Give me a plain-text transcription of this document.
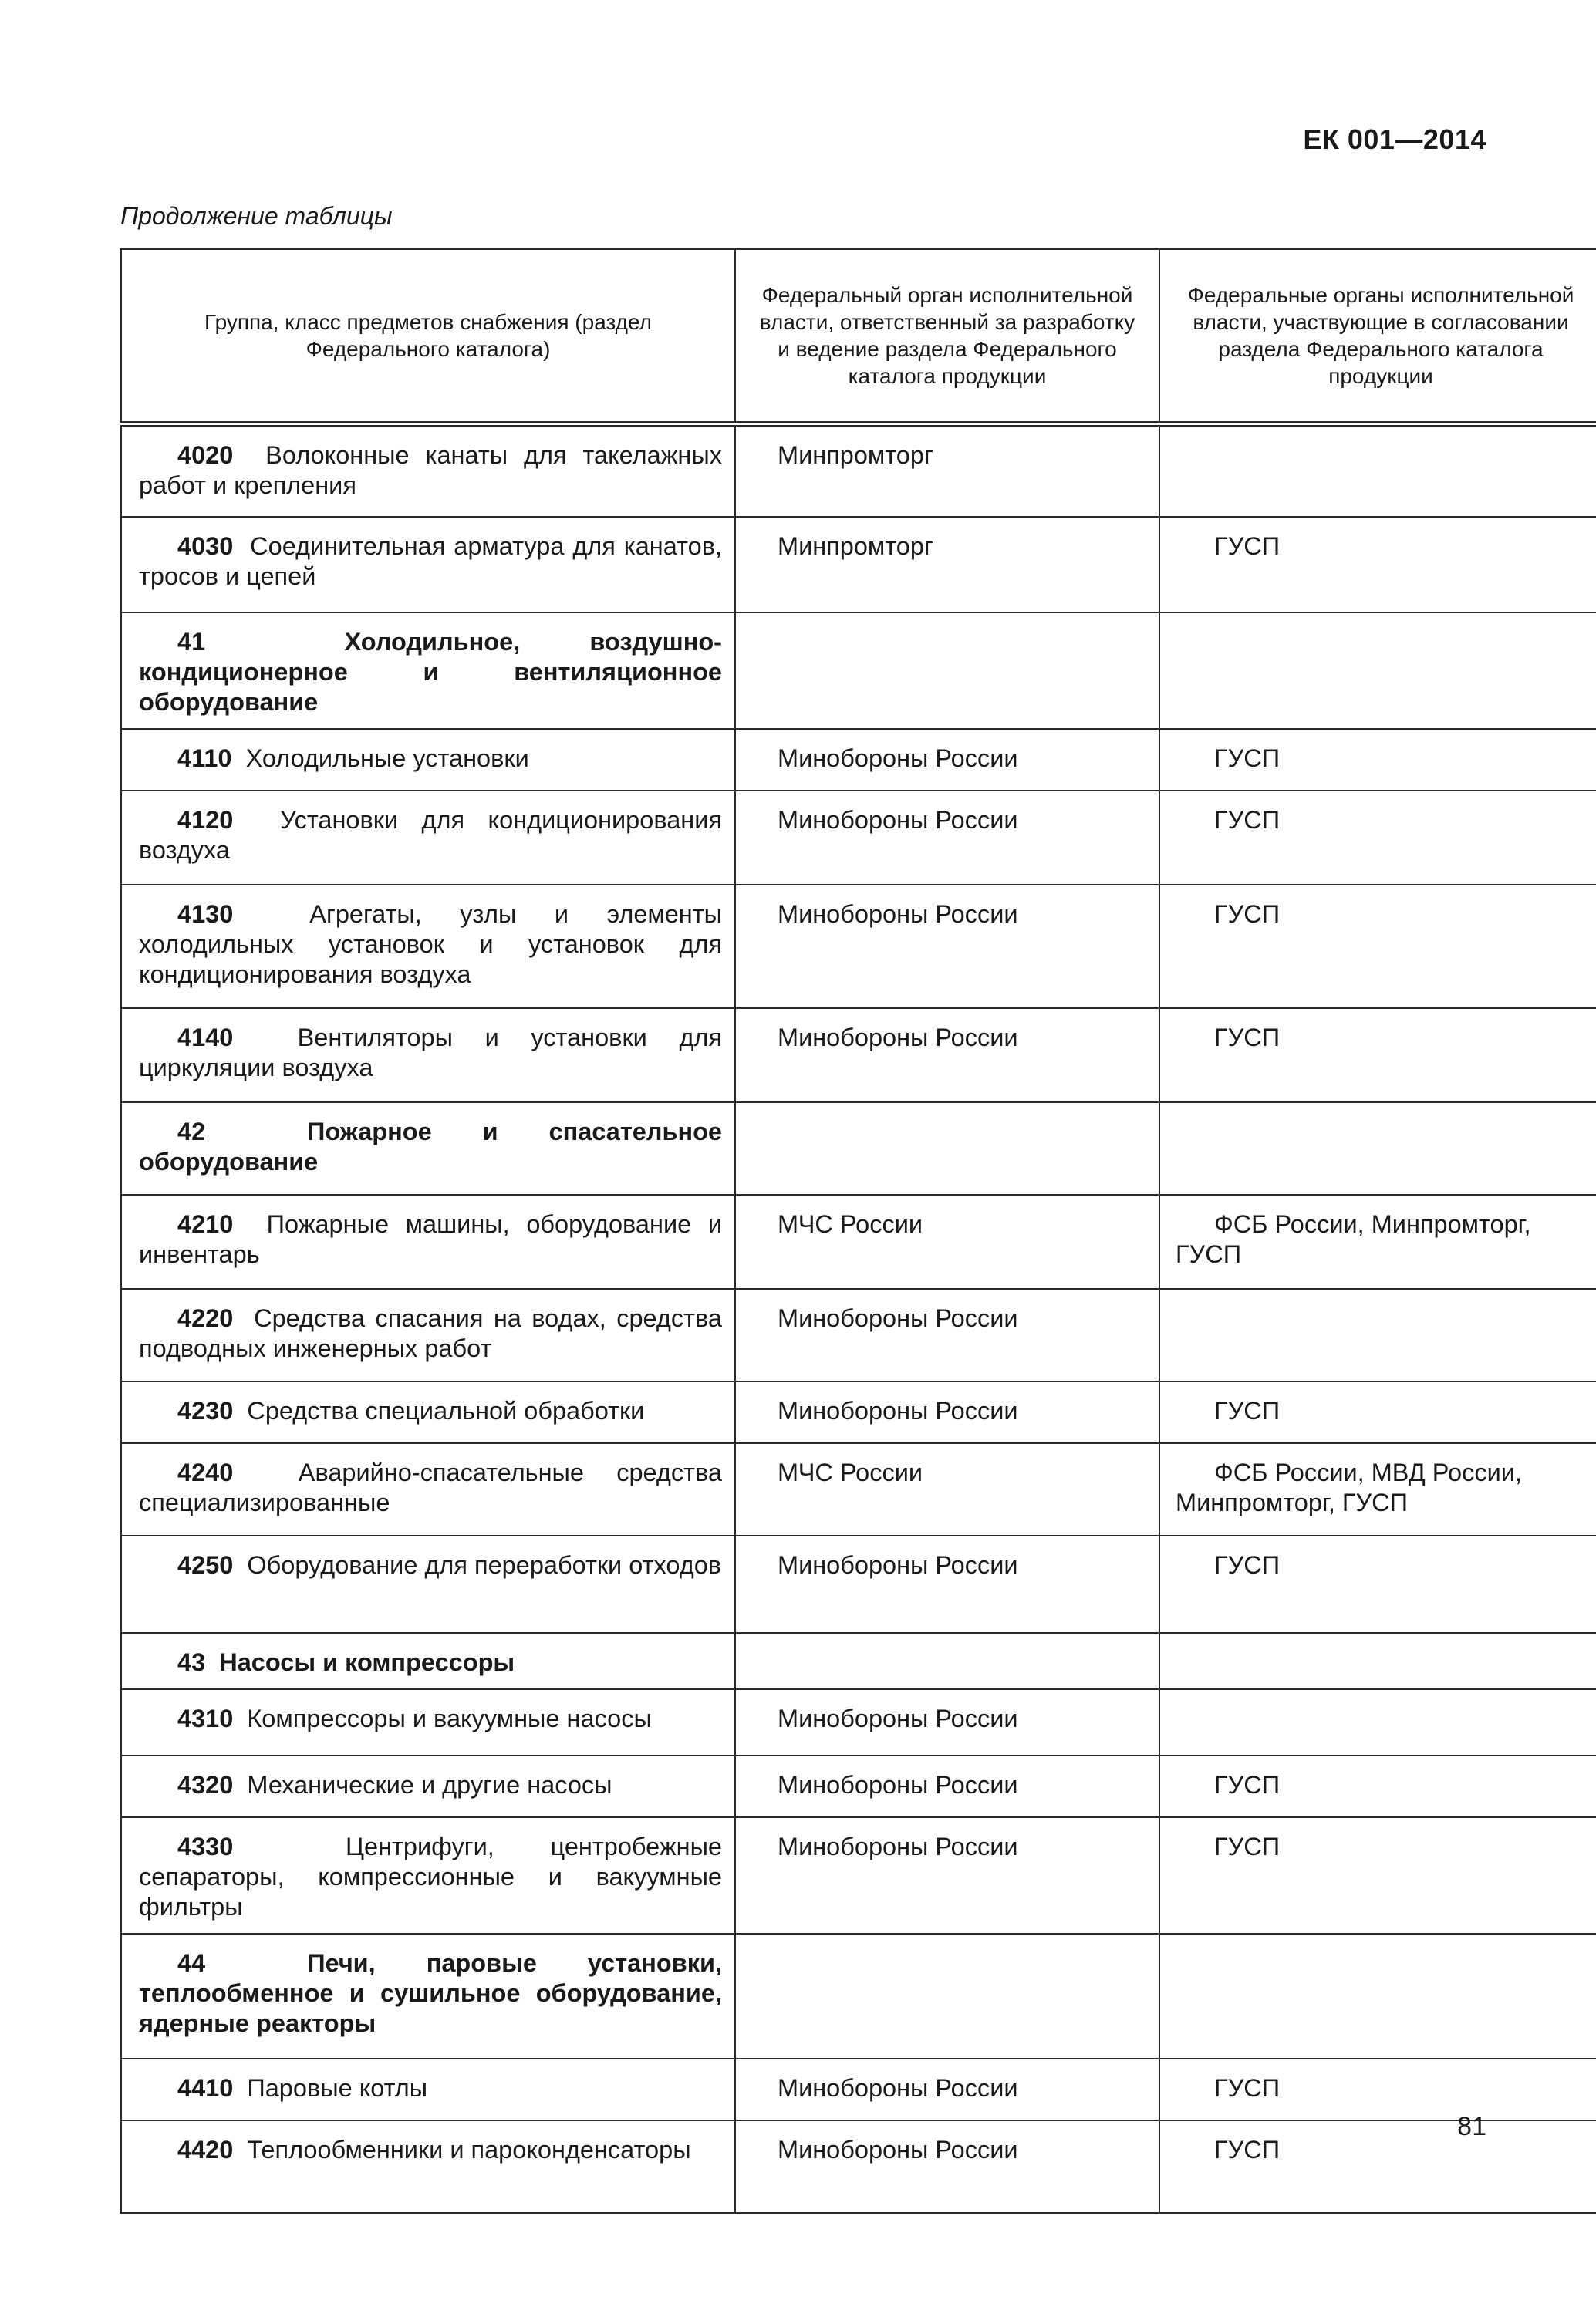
ЕК 001—2014
Продолжение таблицы
Группа, класс предметов снабжения (раздел Федерального каталога)	Федеральный орган исполнительной власти, ответственный за разработку и ведение раздела Федерального каталога продукции	Федеральные органы исполнительной власти, участвующие в согласовании раздела Федерального каталога продукции
4020 Волоконные канаты для такелажных работ и крепления	Минпромторг	
4030 Соединительная арматура для канатов, тросов и цепей	Минпромторг	ГУСП
41 Холодильное, воздушно-кондиционерное и вентиляционное оборудование		
4110 Холодильные установки	Минобороны России	ГУСП
4120 Установки для кондиционирования воздуха	Минобороны России	ГУСП
4130 Агрегаты, узлы и элементы холодильных установок и установок для кондиционирования воздуха	Минобороны России	ГУСП
4140 Вентиляторы и установки для циркуляции воздуха	Минобороны России	ГУСП
42 Пожарное и спасательное оборудование		
4210 Пожарные машины, оборудование и инвентарь	МЧС России	ФСБ России, Минпромторг, ГУСП
4220 Средства спасания на водах, средства подводных инженерных работ	Минобороны России	
4230 Средства специальной обработки	Минобороны России	ГУСП
4240 Аварийно-спасательные средства специализированные	МЧС России	ФСБ России, МВД России, Минпромторг, ГУСП
4250 Оборудование для переработки отходов	Минобороны России	ГУСП
43 Насосы и компрессоры		
4310 Компрессоры и вакуумные насосы	Минобороны России	
4320 Механические и другие насосы	Минобороны России	ГУСП
4330 Центрифуги, центробежные сепараторы, компрессионные и вакуумные фильтры	Минобороны России	ГУСП
44 Печи, паровые установки, теплообменное и сушильное оборудование, ядерные реакторы		
4410 Паровые котлы	Минобороны России	ГУСП
4420 Теплообменники и пароконденсаторы	Минобороны России	ГУСП
81
